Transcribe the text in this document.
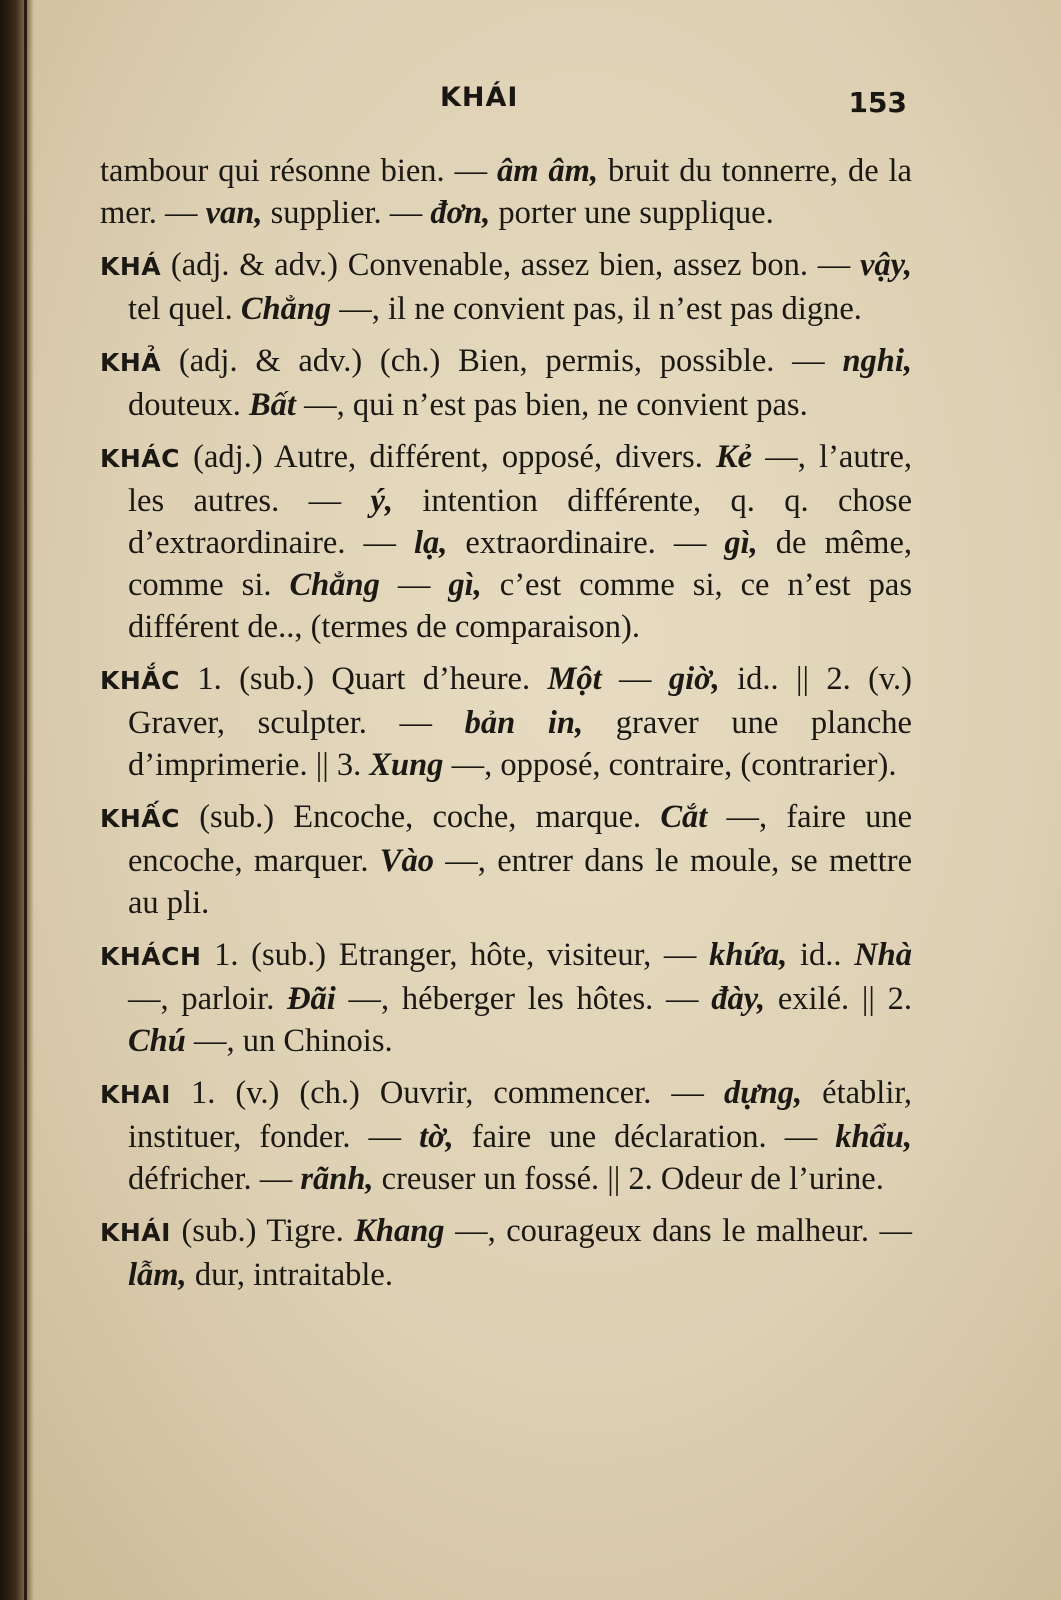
KHÁI	153

tambour qui résonne bien. — âm âm, bruit du tonnerre, de la mer. — van, supplier. — đơn, porter une supplique.

KHÁ (adj. & adv.) Convenable, assez bien, assez bon. — vậy, tel quel. Chẳng —, il ne convient pas, il n’est pas digne.

KHẢ (adj. & adv.) (ch.) Bien, permis, possible. — nghi, douteux. Bất —, qui n’est pas bien, ne convient pas.

KHÁC (adj.) Autre, différent, opposé, divers. Kẻ —, l’autre, les autres. — ý, intention différente, q. q. chose d’extraordinaire. — lạ, extraordinaire. — gì, de même, comme si. Chẳng — gì, c’est comme si, ce n’est pas différent de.., (termes de comparaison).

KHẮC 1. (sub.) Quart d’heure. Một — giờ, id.. || 2. (v.) Graver, sculpter. — bản in, graver une planche d’imprimerie. || 3. Xung —, opposé, contraire, (contrarier).

KHẤC (sub.) Encoche, coche, marque. Cắt —, faire une encoche, marquer. Vào —, entrer dans le moule, se mettre au pli.

KHÁCH 1. (sub.) Etranger, hôte, visiteur, — khứa, id.. Nhà —, parloir. Đãi —, héberger les hôtes. — đày, exilé. || 2. Chú —, un Chinois.

KHAI 1. (v.) (ch.) Ouvrir, commencer. — dựng, établir, instituer, fonder. — tờ, faire une déclaration. — khẩu, défricher. — rãnh, creuser un fossé. || 2. Odeur de l’urine.

KHÁI (sub.) Tigre. Khang —, courageux dans le malheur. — lẫm, dur, intraitable.
